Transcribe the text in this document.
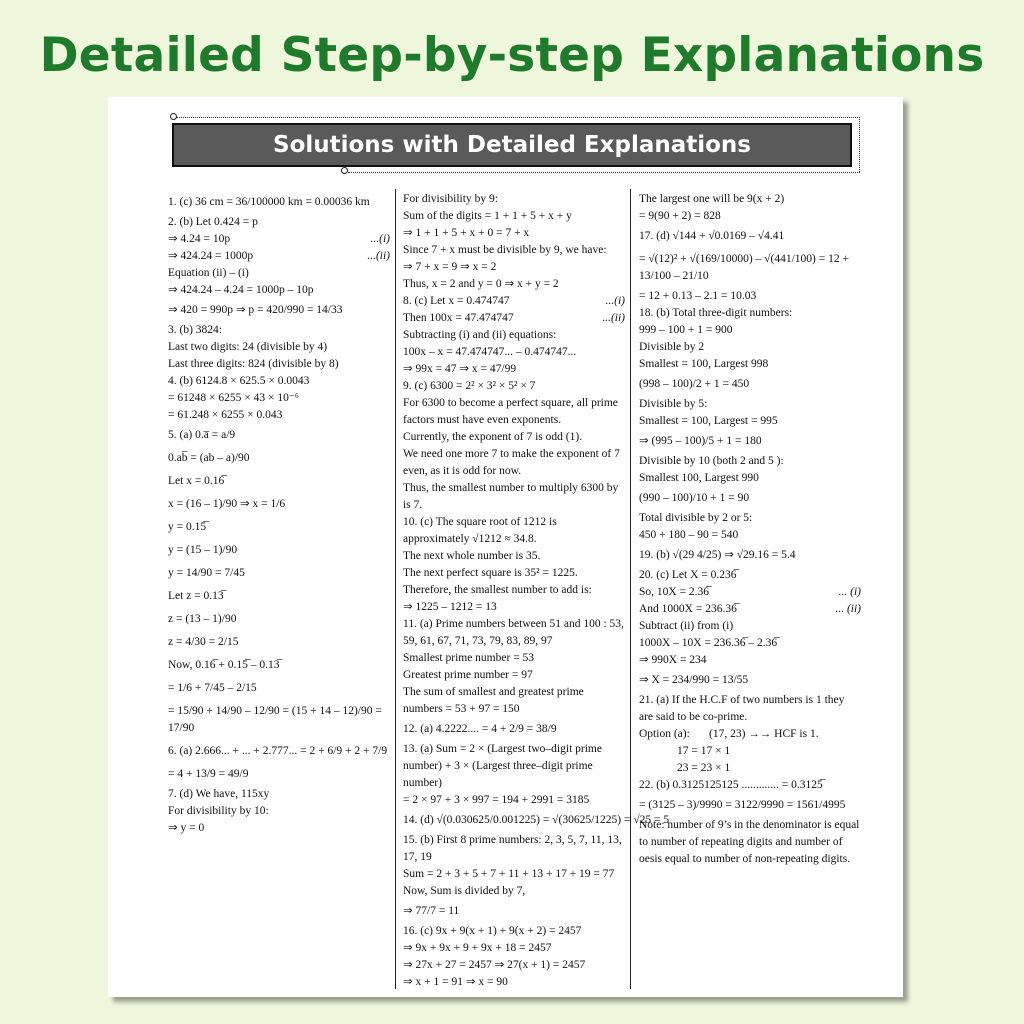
Detailed Step-by-step Explanations
Solutions with Detailed Explanations
1. (c) 36 cm = 36/100000 km = 0.00036 km
2. (b) Let 0.424 = p
⇒ 4.24 = 10p	...(i)
⇒ 424.24 = 1000p	...(ii)
Equation (ii) – (i)
⇒ 424.24 – 4.24 = 1000p – 10p
⇒ 420 = 990p ⇒ p = 420/990 = 14/33
3. (b) 3824:
Last two digits: 24 (divisible by 4)
Last three digits: 824 (divisible by 8)
4. (b) 6124.8 × 625.5 × 0.0043
= 61248 × 6255 × 43 × 10⁻⁶
= 61.248 × 6255 × 0.043
5. (a) 0.a̅ = a/9
0.ab̅ = (ab – a)/90
Let x = 0.16̅
x = (16 – 1)/90 ⇒ x = 1/6
y = 0.15̅
y = (15 – 1)/90
y = 14/90 = 7/45
Let z = 0.13̅
z = (13 – 1)/90
z = 4/30 = 2/15
Now, 0.16̅ + 0.15̅ – 0.13̅
= 1/6 + 7/45 – 2/15
= 15/90 + 14/90 – 12/90 = (15 + 14 – 12)/90 = 17/90
6. (a) 2.666... + ... + 2.777... = 2 + 6/9 + 2 + 7/9
= 4 + 13/9 = 49/9
7. (d) We have, 115xy
For divisibility by 10:
⇒ y = 0
For divisibility by 9:
Sum of the digits = 1 + 1 + 5 + x + y
⇒ 1 + 1 + 5 + x + 0 = 7 + x
Since 7 + x must be divisible by 9, we have:
⇒ 7 + x = 9 ⇒ x = 2
Thus, x = 2 and y = 0 ⇒ x + y = 2
8. (c) Let x = 0.474747	...(i)
Then 100x = 47.474747	...(ii)
Subtracting (i) and (ii) equations:
100x – x = 47.474747... – 0.474747...
⇒ 99x = 47 ⇒ x = 47/99
9. (c) 6300 = 2² × 3² × 5² × 7
For 6300 to become a perfect square, all prime factors must have even exponents.
Currently, the exponent of 7 is odd (1).
We need one more 7 to make the exponent of 7 even, as it is odd for now.
Thus, the smallest number to multiply 6300 by is 7.
10. (c) The square root of 1212 is approximately √1212 ≈ 34.8.
The next whole number is 35.
The next perfect square is 35² = 1225.
Therefore, the smallest number to add is:
⇒ 1225 – 1212 = 13
11. (a) Prime numbers between 51 and 100 : 53, 59, 61, 67, 71, 73, 79, 83, 89, 97
Smallest prime number = 53
Greatest prime number = 97
The sum of smallest and greatest prime numbers = 53 + 97 = 150
12. (a) 4.2222.... = 4 + 2/9 = 38/9
13. (a) Sum = 2 × (Largest two–digit prime number) + 3 × (Largest three–digit prime number)
= 2 × 97 + 3 × 997 = 194 + 2991 = 3185
14. (d) √(0.030625/0.001225) = √(30625/1225) = √25 = 5
15. (b) First 8 prime numbers: 2, 3, 5, 7, 11, 13, 17, 19
Sum = 2 + 3 + 5 + 7 + 11 + 13 + 17 + 19 = 77
Now, Sum is divided by 7,
⇒ 77/7 = 11
16. (c) 9x + 9(x + 1) + 9(x + 2) = 2457
⇒ 9x + 9x + 9 + 9x + 18 = 2457
⇒ 27x + 27 = 2457 ⇒ 27(x + 1) = 2457
⇒ x + 1 = 91 ⇒ x = 90
The largest one will be 9(x + 2)
= 9(90 + 2) = 828
17. (d) √144 + √0.0169 – √4.41
= √(12)² + √(169/10000) – √(441/100) = 12 + 13/100 – 21/10
= 12 + 0.13 – 2.1 = 10.03
18. (b) Total three-digit numbers:
999 – 100 + 1 = 900
Divisible by 2
Smallest = 100, Largest 998
(998 – 100)/2 + 1 = 450
Divisible by 5:
Smallest = 100, Largest = 995
⇒ (995 – 100)/5 + 1 = 180
Divisible by 10 (both 2 and 5 ):
Smallest 100, Largest 990
(990 – 100)/10 + 1 = 90
Total divisible by 2 or 5:
450 + 180 – 90 = 540
19. (b) √(29 4/25) ⇒ √29.16 = 5.4
20. (c) Let X = 0.236̅
So, 10X = 2.36̅	... (i)
And 1000X = 236.36̅	... (ii)
Subtract (ii) from (i)
1000X – 10X = 236.36̅ – 2.36̅
⇒ 990X = 234
⇒ X = 234/990 = 13/55
21. (a) If the H.C.F of two numbers is 1 they are said to be co-prime.
Option (a): (17, 23) →→ HCF is 1.
17 = 17 × 1
23 = 23 × 1
22. (b) 0.3125125125 ............. = 0.3125̅
= (3125 – 3)/9990 = 3122/9990 = 1561/4995
Note: number of 9’s in the denominator is equal to number of repeating digits and number of oesis equal to number of non-repeating digits.
